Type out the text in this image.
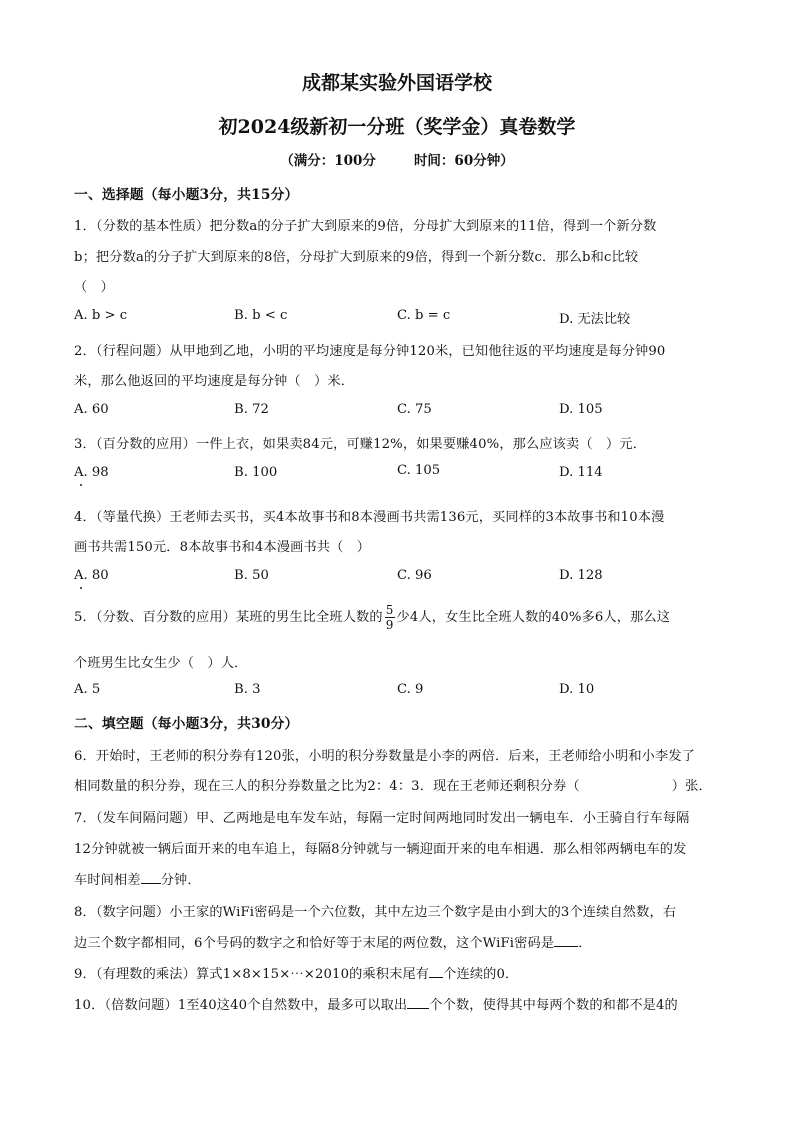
成都某实验外国语学校
初2024级新初一分班（奖学金）真卷数学
（满分：100分	时间：60分钟）
一、选择题（每小题3分，共15分）
1．（分数的基本性质）把分数a的分子扩大到原来的9倍，分母扩大到原来的11倍，得到一个新分数
b；把分数a的分子扩大到原来的8倍，分母扩大到原来的9倍，得到一个新分数c．那么b和c比较
（　）
A. b > c	B. b < c	C. b = c	D. 无法比较
2．（行程问题）从甲地到乙地，小明的平均速度是每分钟120米，已知他往返的平均速度是每分钟90
米，那么他返回的平均速度是每分钟（　）米．
A. 60	B. 72	C. 75	D. 105
3．（百分数的应用）一件上衣，如果卖84元，可赚12%，如果要赚40%，那么应该卖（　）元．
A. 98	B. 100	C. 105	D. 114
4．（等量代换）王老师去买书，买4本故事书和8本漫画书共需136元，买同样的3本故事书和10本漫
画书共需150元．8本故事书和4本漫画书共（　）
A. 80	B. 50	C. 96	D. 128
5．（分数、百分数的应用）某班的男生比全班人数的 $\frac{5}{9}$ 少4人，女生比全班人数的40%多6人，那么这
个班男生比女生少（　）人．
A. 5	B. 3	C. 9	D. 10
二、填空题（每小题3分，共30分）
6．开始时，王老师的积分券有120张，小明的积分券数量是小李的两倍．后来，王老师给小明和小李发了
相同数量的积分券，现在三人的积分券数量之比为2：4：3．现在王老师还剩积分券（	）张．
7．（发车间隔问题）甲、乙两地是电车发车站，每隔一定时间两地同时发出一辆电车．小王骑自行车每隔
12分钟就被一辆后面开来的电车追上，每隔8分钟就与一辆迎面开来的电车相遇．那么相邻两辆电车的发
车时间相差 分钟．
8．（数字问题）小王家的WiFi密码是一个六位数，其中左边三个数字是由小到大的3个连续自然数，右
边三个数字都相同，6个号码的数字之和恰好等于末尾的两位数，这个WiFi密码是 ．
9．（有理数的乘法）算式1×8×15×⋯×2010的乘积末尾有 个连续的0．
10．（倍数问题）1至40这40个自然数中，最多可以取出 个个数，使得其中每两个数的和都不是4的
